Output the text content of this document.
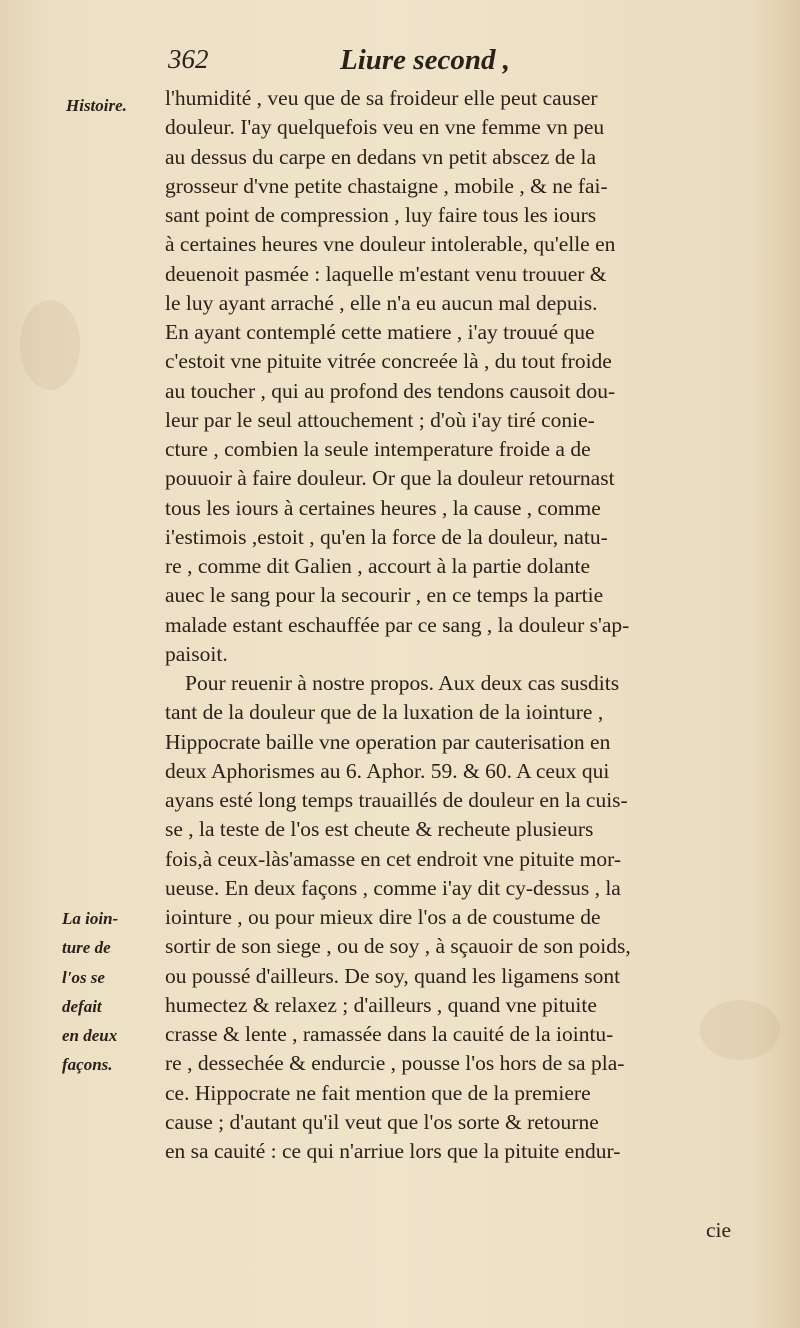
362	Liure second ,
Histoire.
La ioin-
ture de
l'os se
defait
en deux
façons.
l'humidité , veu que de sa froideur elle peut causer
douleur. I'ay quelquefois veu en vne femme vn peu
au dessus du carpe en dedans vn petit abscez de la
grosseur d'vne petite chastaigne , mobile , & ne fai-
sant point de compression , luy faire tous les iours
à certaines heures vne douleur intolerable, qu'elle en
deuenoit pasmée : laquelle m'estant venu trouuer &
le luy ayant arraché , elle n'a eu aucun mal depuis.
En ayant contemplé cette matiere , i'ay trouué que
c'estoit vne pituite vitrée concreée là , du tout froide
au toucher , qui au profond des tendons causoit dou-
leur par le seul attouchement ; d'où i'ay tiré conie-
cture , combien la seule intemperature froide a de
pouuoir à faire douleur. Or que la douleur retournast
tous les iours à certaines heures , la cause , comme
i'estimois ,estoit , qu'en la force de la douleur, natu-
re , comme dit Galien , accourt à la partie dolante
auec le sang pour la secourir , en ce temps la partie
malade estant eschauffée par ce sang , la douleur s'ap-
paisoit.
Pour reuenir à nostre propos. Aux deux cas susdits
tant de la douleur que de la luxation de la iointure ,
Hippocrate baille vne operation par cauterisation en
deux Aphorismes au 6. Aphor. 59. & 60. A ceux qui
ayans esté long temps trauaillés de douleur en la cuis-
se , la teste de l'os est cheute & recheute plusieurs
fois,à ceux-làs'amasse en cet endroit vne pituite mor-
ueuse. En deux façons , comme i'ay dit cy-dessus , la
iointure , ou pour mieux dire l'os a de coustume de
sortir de son siege , ou de soy , à sçauoir de son poids,
ou poussé d'ailleurs. De soy, quand les ligamens sont
humectez & relaxez ; d'ailleurs , quand vne pituite
crasse & lente , ramassée dans la cauité de la iointu-
re , dessechée & endurcie , pousse l'os hors de sa pla-
ce. Hippocrate ne fait mention que de la premiere
cause ; d'autant qu'il veut que l'os sorte & retourne
en sa cauité : ce qui n'arriue lors que la pituite endur-
cie
